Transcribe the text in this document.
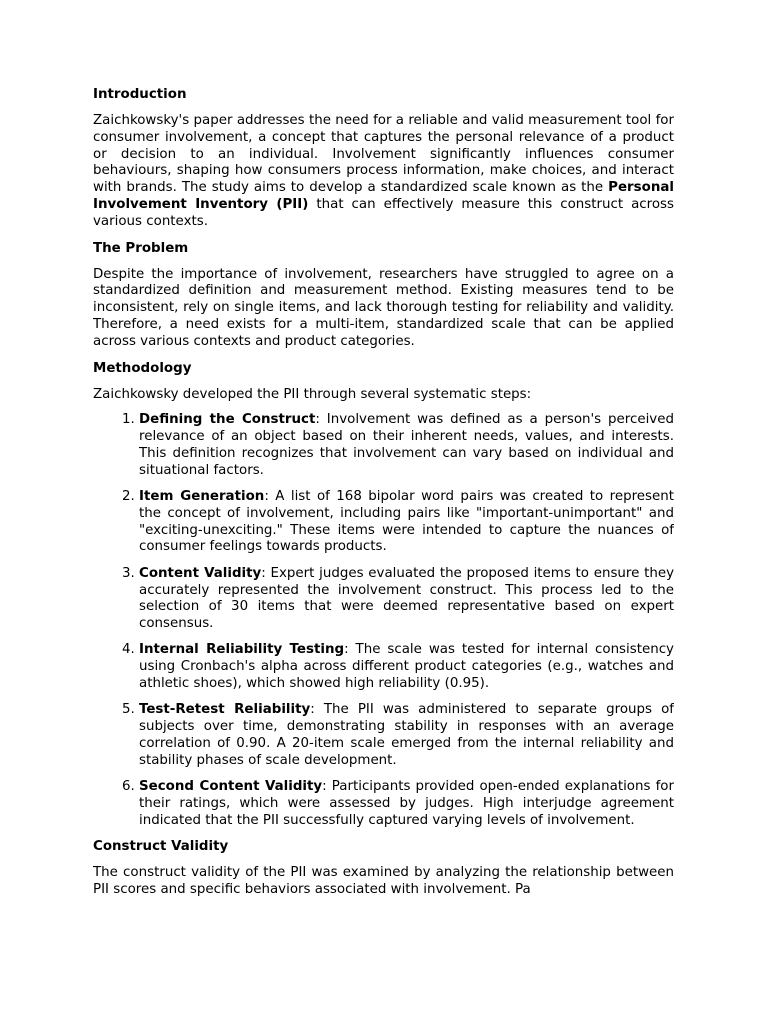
Introduction

Zaichkowsky's paper addresses the need for a reliable and valid measurement tool for consumer involvement, a concept that captures the personal relevance of a product or decision to an individual. Involvement significantly influences consumer behaviours, shaping how consumers process information, make choices, and interact with brands. The study aims to develop a standardized scale known as the Personal Involvement Inventory (PII) that can effectively measure this construct across various contexts.

The Problem

Despite the importance of involvement, researchers have struggled to agree on a standardized definition and measurement method. Existing measures tend to be inconsistent, rely on single items, and lack thorough testing for reliability and validity. Therefore, a need exists for a multi-item, standardized scale that can be applied across various contexts and product categories.

Methodology

Zaichkowsky developed the PII through several systematic steps:

1. Defining the Construct: Involvement was defined as a person's perceived relevance of an object based on their inherent needs, values, and interests. This definition recognizes that involvement can vary based on individual and situational factors.
2. Item Generation: A list of 168 bipolar word pairs was created to represent the concept of involvement, including pairs like "important-unimportant" and "exciting-unexciting." These items were intended to capture the nuances of consumer feelings towards products.
3. Content Validity: Expert judges evaluated the proposed items to ensure they accurately represented the involvement construct. This process led to the selection of 30 items that were deemed representative based on expert consensus.
4. Internal Reliability Testing: The scale was tested for internal consistency using Cronbach's alpha across different product categories (e.g., watches and athletic shoes), which showed high reliability (0.95).
5. Test-Retest Reliability: The PII was administered to separate groups of subjects over time, demonstrating stability in responses with an average correlation of 0.90. A 20-item scale emerged from the internal reliability and stability phases of scale development.
6. Second Content Validity: Participants provided open-ended explanations for their ratings, which were assessed by judges. High interjudge agreement indicated that the PII successfully captured varying levels of involvement.
Construct Validity

The construct validity of the PII was examined by analyzing the relationship between PII scores and specific behaviors associated with involvement. Pa
